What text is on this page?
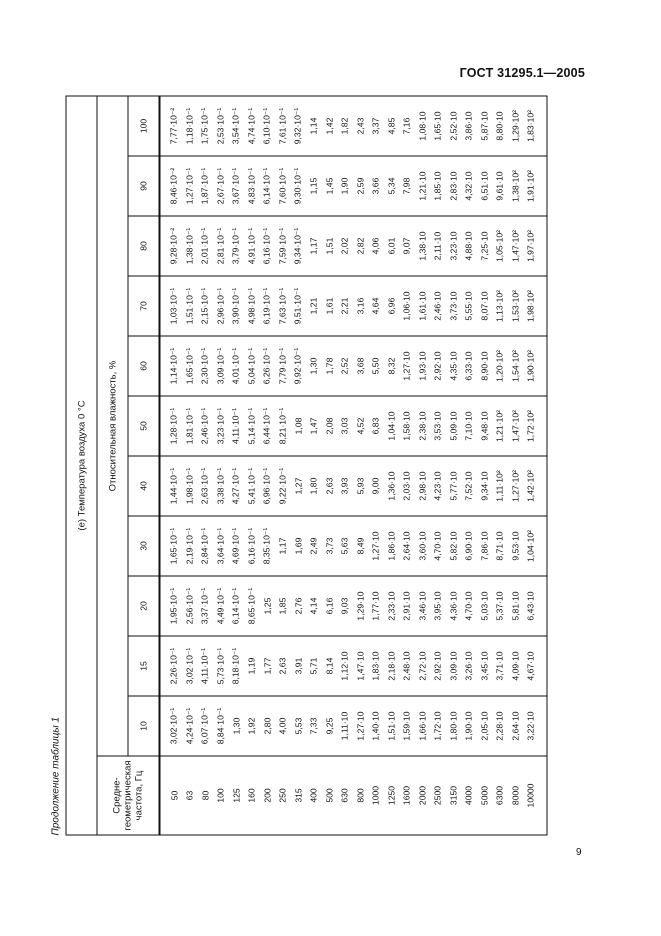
ГОСТ 31295.1—2005
Продолжение таблицы 1
(е) Температура воздуха 0 °С											
Средне-
геометрическая
частота, Гц	Относительная влажность, %										
	10	15	20	30	40	50	60	70	80	90	100
50	3,02·10⁻¹	2,26·10⁻¹	1,95·10⁻¹	1,65·10⁻¹	1,44·10⁻¹	1,28·10⁻¹	1,14·10⁻¹	1,03·10⁻¹	9,28·10⁻²	8,46·10⁻²	7,77·10⁻²
63	4,24·10⁻¹	3,02·10⁻¹	2,56·10⁻¹	2,19·10⁻¹	1,98·10⁻¹	1,81·10⁻¹	1,65·10⁻¹	1,51·10⁻¹	1,38·10⁻¹	1,27·10⁻¹	1,18·10⁻¹
80	6,07·10⁻¹	4,11·10⁻¹	3,37·10⁻¹	2,84·10⁻¹	2,63·10⁻¹	2,46·10⁻¹	2,30·10⁻¹	2,15·10⁻¹	2,01·10⁻¹	1,87·10⁻¹	1,75·10⁻¹
100	8,84·10⁻¹	5,73·10⁻¹	4,49·10⁻¹	3,64·10⁻¹	3,38·10⁻¹	3,23·10⁻¹	3,09·10⁻¹	2,96·10⁻¹	2,81·10⁻¹	2,67·10⁻¹	2,53·10⁻¹
125	1,30	8,18·10⁻¹	6,14·10⁻¹	4,69·10⁻¹	4,27·10⁻¹	4,11·10⁻¹	4,01·10⁻¹	3,90·10⁻¹	3,79·10⁻¹	3,67·10⁻¹	3,54·10⁻¹
160	1,92	1,19	8,65·10⁻¹	6,16·10⁻¹	5,41·10⁻¹	5,14·10⁻¹	5,04·10⁻¹	4,98·10⁻¹	4,91·10⁻¹	4,83·10⁻¹	4,74·10⁻¹
200	2,80	1,77	1,25	8,35·10⁻¹	6,96·10⁻¹	6,44·10⁻¹	6,26·10⁻¹	6,19·10⁻¹	6,16·10⁻¹	6,14·10⁻¹	6,10·10⁻¹
250	4,00	2,63	1,85	1,17	9,22·10⁻¹	8,21·10⁻¹	7,79·10⁻¹	7,63·10⁻¹	7,59·10⁻¹	7,60·10⁻¹	7,61·10⁻¹
315	5,53	3,91	2,76	1,69	1,27	1,08	9,92·10⁻¹	9,51·10⁻¹	9,34·10⁻¹	9,30·10⁻¹	9,32·10⁻¹
400	7,33	5,71	4,14	2,49	1,80	1,47	1,30	1,21	1,17	1,15	1,14
500	9,25	8,14	6,16	3,73	2,63	2,08	1,78	1,61	1,51	1,45	1,42
630	1,11·10	1,12·10	9,03	5,63	3,93	3,03	2,52	2,21	2,02	1,90	1,82
800	1,27·10	1,47·10	1,29·10	8,49	5,93	4,52	3,68	3,16	2,82	2,59	2,43
1000	1,40·10	1,83·10	1,77·10	1,27·10	9,00	6,83	5,50	4,64	4,06	3,66	3,37
1250	1,51·10	2,18·10	2,33·10	1,86·10	1,36·10	1,04·10	8,32	6,96	6,01	5,34	4,85
1600	1,59·10	2,48·10	2,91·10	2,64·10	2,03·10	1,58·10	1,27·10	1,06·10	9,07	7,98	7,16
2000	1,66·10	2,72·10	3,46·10	3,60·10	2,98·10	2,38·10	1,93·10	1,61·10	1,38·10	1,21·10	1,08·10
2500	1,72·10	2,92·10	3,95·10	4,70·10	4,23·10	3,53·10	2,92·10	2,46·10	2,11·10	1,85·10	1,65·10
3150	1,80·10	3,09·10	4,36·10	5,82·10	5,77·10	5,09·10	4,35·10	3,73·10	3,23·10	2,83·10	2,52·10
4000	1,90·10	3,26·10	4,70·10	6,90·10	7,52·10	7,10·10	6,33·10	5,55·10	4,88·10	4,32·10	3,86·10
5000	2,05·10	3,45·10	5,03·10	7,86·10	9,34·10	9,48·10	8,90·10	8,07·10	7,25·10	6,51·10	5,87·10
6300	2,28·10	3,71·10	5,37·10	8,71·10	1,11·10²	1,21·10²	1,20·10²	1,13·10²	1,05·10²	9,61·10	8,80·10
8000	2,64·10	4,09·10	5,81·10	9,53·10	1,27·10²	1,47·10²	1,54·10²	1,53·10²	1,47·10²	1,38·10²	1,29·10²
10000	3,22·10	4,67·10	6,43·10	1,04·10²	1,42·10²	1,72·10²	1,90·10²	1,98·10²	1,97·10²	1,91·10²	1,83·10²
9
